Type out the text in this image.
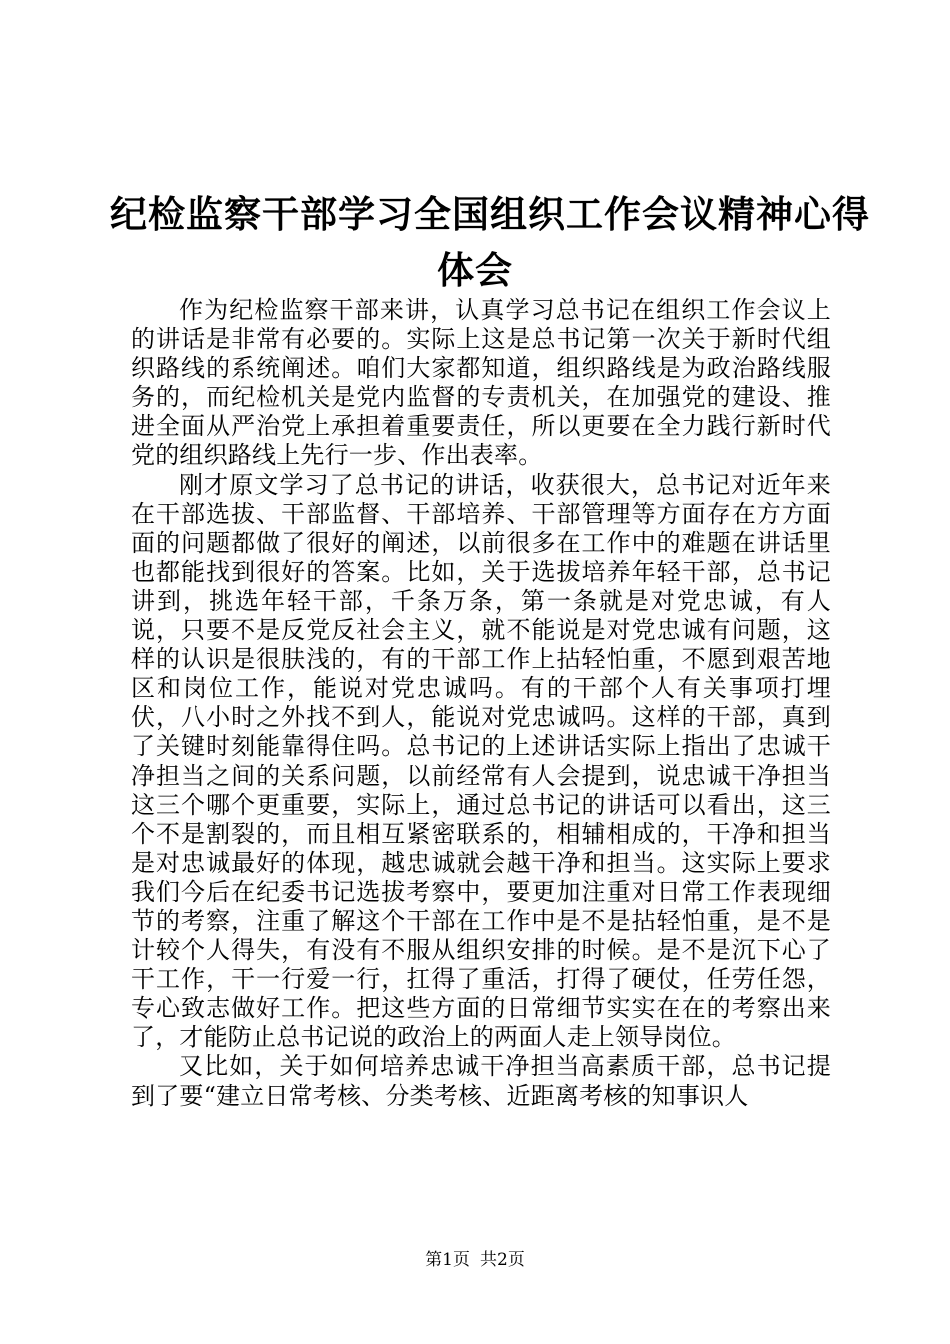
纪检监察干部学习全国组织工作会议精神心得
体会

作为纪检监察干部来讲，认真学习总书记在组织工作会议上的讲话是非常有必要的。实际上这是总书记第一次关于新时代组织路线的系统阐述。咱们大家都知道，组织路线是为政治路线服务的，而纪检机关是党内监督的专责机关，在加强党的建设、推进全面从严治党上承担着重要责任，所以更要在全力践行新时代党的组织路线上先行一步、作出表率。

刚才原文学习了总书记的讲话，收获很大，总书记对近年来在干部选拔、干部监督、干部培养、干部管理等方面存在方方面面的问题都做了很好的阐述，以前很多在工作中的难题在讲话里也都能找到很好的答案。比如，关于选拔培养年轻干部，总书记讲到，挑选年轻干部，千条万条，第一条就是对党忠诚，有人说，只要不是反党反社会主义，就不能说是对党忠诚有问题，这样的认识是很肤浅的，有的干部工作上拈轻怕重，不愿到艰苦地区和岗位工作，能说对党忠诚吗。有的干部个人有关事项打埋伏，八小时之外找不到人，能说对党忠诚吗。这样的干部，真到了关键时刻能靠得住吗。总书记的上述讲话实际上指出了忠诚干净担当之间的关系问题，以前经常有人会提到，说忠诚干净担当这三个哪个更重要，实际上，通过总书记的讲话可以看出，这三个不是割裂的，而且相互紧密联系的，相辅相成的，干净和担当是对忠诚最好的体现，越忠诚就会越干净和担当。这实际上要求我们今后在纪委书记选拔考察中，要更加注重对日常工作表现细节的考察，注重了解这个干部在工作中是不是拈轻怕重，是不是计较个人得失，有没有不服从组织安排的时候。是不是沉下心了干工作，干一行爱一行，扛得了重活，打得了硬仗，任劳任怨，专心致志做好工作。把这些方面的日常细节实实在在的考察出来了，才能防止总书记说的政治上的两面人走上领导岗位。

又比如，关于如何培养忠诚干净担当高素质干部，总书记提到了要“建立日常考核、分类考核、近距离考核的知事识人

第1页 共2页
